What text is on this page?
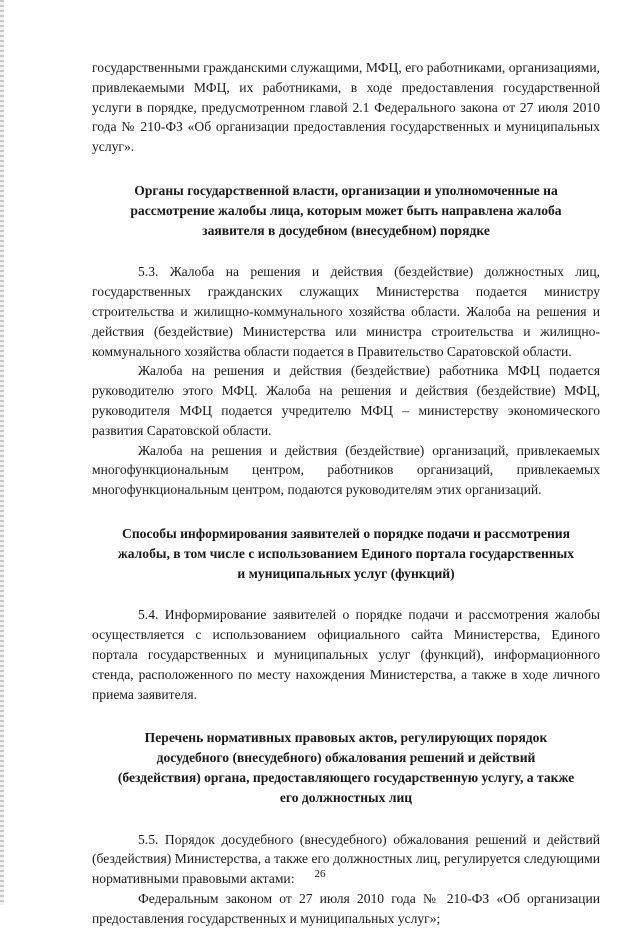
государственными гражданскими служащими, МФЦ, его работниками, организациями, привлекаемыми МФЦ, их работниками, в ходе предоставления государственной услуги в порядке, предусмотренном главой 2.1 Федерального закона от 27 июля 2010 года № 210-ФЗ «Об организации предоставления государственных и муниципальных услуг».

Органы государственной власти, организации и уполномоченные на рассмотрение жалобы лица, которым может быть направлена жалоба заявителя в досудебном (внесудебном) порядке

5.3. Жалоба на решения и действия (бездействие) должностных лиц, государственных гражданских служащих Министерства подается министру строительства и жилищно-коммунального хозяйства области. Жалоба на решения и действия (бездействие) Министерства или министра строительства и жилищно-коммунального хозяйства области подается в Правительство Саратовской области.

Жалоба на решения и действия (бездействие) работника МФЦ подается руководителю этого МФЦ. Жалоба на решения и действия (бездействие) МФЦ, руководителя МФЦ подается учредителю МФЦ – министерству экономического развития Саратовской области.

Жалоба на решения и действия (бездействие) организаций, привлекаемых многофункциональным центром, работников организаций, привлекаемых многофункциональным центром, подаются руководителям этих организаций.

Способы информирования заявителей о порядке подачи и рассмотрения жалобы, в том числе с использованием Единого портала государственных и муниципальных услуг (функций)

5.4. Информирование заявителей о порядке подачи и рассмотрения жалобы осуществляется с использованием официального сайта Министерства, Единого портала государственных и муниципальных услуг (функций), информационного стенда, расположенного по месту нахождения Министерства, а также в ходе личного приема заявителя.

Перечень нормативных правовых актов, регулирующих порядок досудебного (внесудебного) обжалования решений и действий (бездействия) органа, предоставляющего государственную услугу, а также его должностных лиц

5.5. Порядок досудебного (внесудебного) обжалования решений и действий (бездействия) Министерства, а также его должностных лиц, регулируется следующими нормативными правовыми актами:

Федеральным законом от 27 июля 2010 года № 210-ФЗ «Об организации предоставления государственных и муниципальных услуг»;

26
